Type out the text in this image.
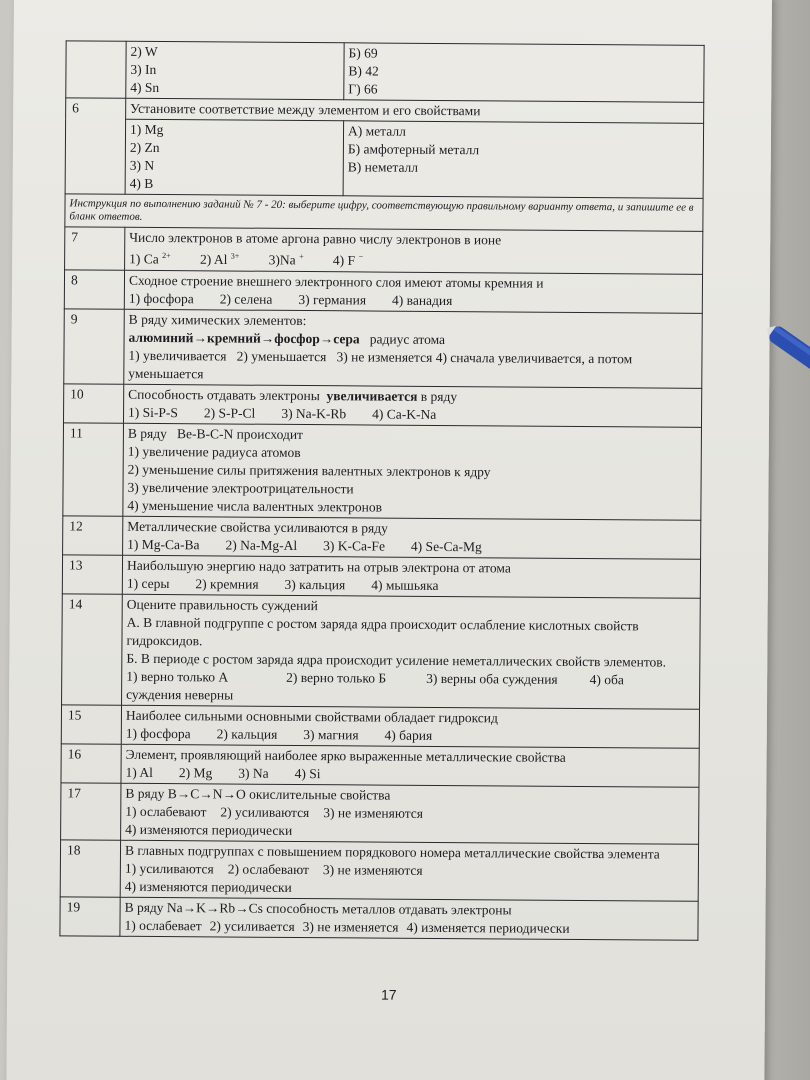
	2) W
3) In
4) Sn	Б) 69
В) 42
Г) 66

6	Установите соответствие между элементом и его свойствами	

	1) Mg
2) Zn
3) N
4) B	А) металл
Б) амфотерный металл
В) неметалл

Инструкция по выполнению заданий № 7 - 20: выберите цифру, соответствующую правильному варианту ответа, и запишите ее в бланк ответов.		
7	Число электронов в атоме аргона равно числу электронов в ионе
1) Ca $^{2+}$ 2) Al $^{3+}$ 3)Na + 4) F −

8	Сходное строение внешнего электронного слоя имеют атомы кремния и
1) фосфора 2) селена 3) германия 4) ванадия	

9	В ряду химических элементов:
алюминий→кремний→фосфор→сера радиус атома
1) увеличивается   2) уменьшается   3) не изменяется 4) сначала увеличивается, а потом
уменьшается	

10	Способность отдавать электроны увеличивается в ряду
1) Si-P-S 2) S-P-Cl 3) Na-K-Rb 4) Ca-K-Na	

11	В ряду   Be-B-C-N происходит
1) увеличение радиуса атомов
2) уменьшение силы притяжения валентных электронов к ядру
3) увеличение электроотрицательности
4) уменьшение числа валентных электронов	

12	Металлические свойства усиливаются в ряду
1) Mg-Ca-Ba 2) Na-Mg-Al 3) K-Ca-Fe 4) Se-Ca-Mg	

13	Наибольшую энергию надо затратить на отрыв электрона от атома
1) серы 2) кремния 3) кальция 4) мышьяка	

14	Оцените правильность суждений
А. В главной подгруппе с ростом заряда ядра происходит ослабление кислотных свойств гидроксидов.
Б. В периоде с ростом заряда ядра происходит усиление неметаллических свойств элементов.
1) верно только А 2) верно только Б 3) верны оба суждения 4) оба
суждения неверны	

15	Наиболее сильными основными свойствами обладает гидроксид
1) фосфора 2) кальция 3) магния 4) бария	

16	Элемент, проявляющий наиболее ярко выраженные металлические свойства
1) Al 2) Mg 3) Na 4) Si	

17	В ряду B→C→N→O окислительные свойства
1) ослабевают 2) усиливаются 3) не изменяются
4) изменяются периодически	

18	В главных подгруппах с повышением порядкового номера металлические свойства элемента
1) усиливаются 2) ослабевают 3) не изменяются
4) изменяются периодически	

19	В ряду Na→K→Rb→Cs способность металлов отдавать электроны
1) ослабевает 2) усиливается 3) не изменяется 4) изменяется периодически	
17
